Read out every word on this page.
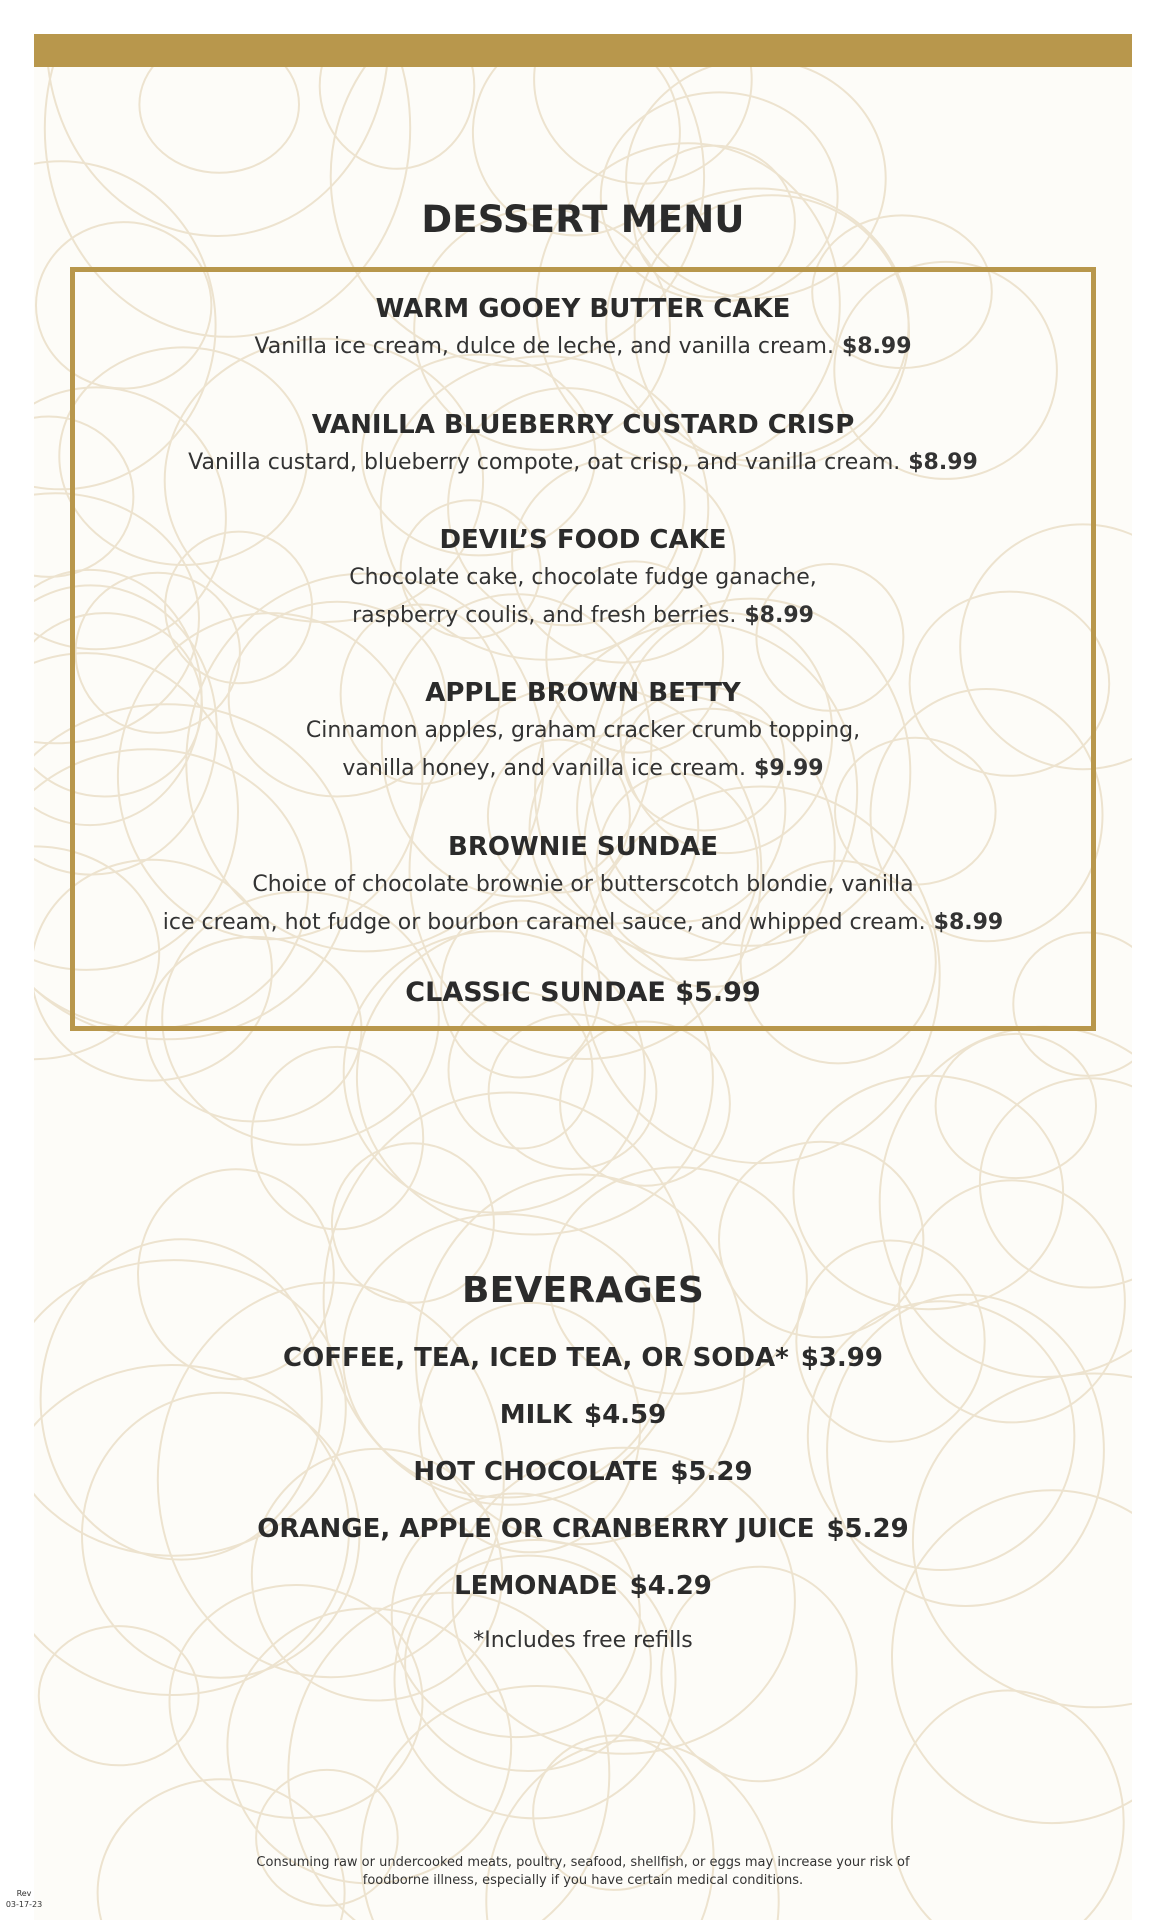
DESSERT MENU
WARM GOOEY BUTTER CAKE
Vanilla ice cream, dulce de leche, and vanilla cream. $8.99
VANILLA BLUEBERRY CUSTARD CRISP
Vanilla custard, blueberry compote, oat crisp, and vanilla cream. $8.99
DEVIL’S FOOD CAKE
Chocolate cake, chocolate fudge ganache,
raspberry coulis, and fresh berries. $8.99
APPLE BROWN BETTY
Cinnamon apples, graham cracker crumb topping,
vanilla honey, and vanilla ice cream. $9.99
BROWNIE SUNDAE
Choice of chocolate brownie or butterscotch blondie, vanilla
ice cream, hot fudge or bourbon caramel sauce, and whipped cream. $8.99
CLASSIC SUNDAE $5.99
BEVERAGES
COFFEE, TEA, ICED TEA, OR SODA* $3.99
MILK $4.59
HOT CHOCOLATE $5.29
ORANGE, APPLE OR CRANBERRY JUICE $5.29
LEMONADE $4.29
*Includes free refills
Consuming raw or undercooked meats, poultry, seafood, shellfish, or eggs may increase your risk of
foodborne illness, especially if you have certain medical conditions.
Rev
03-17-23
